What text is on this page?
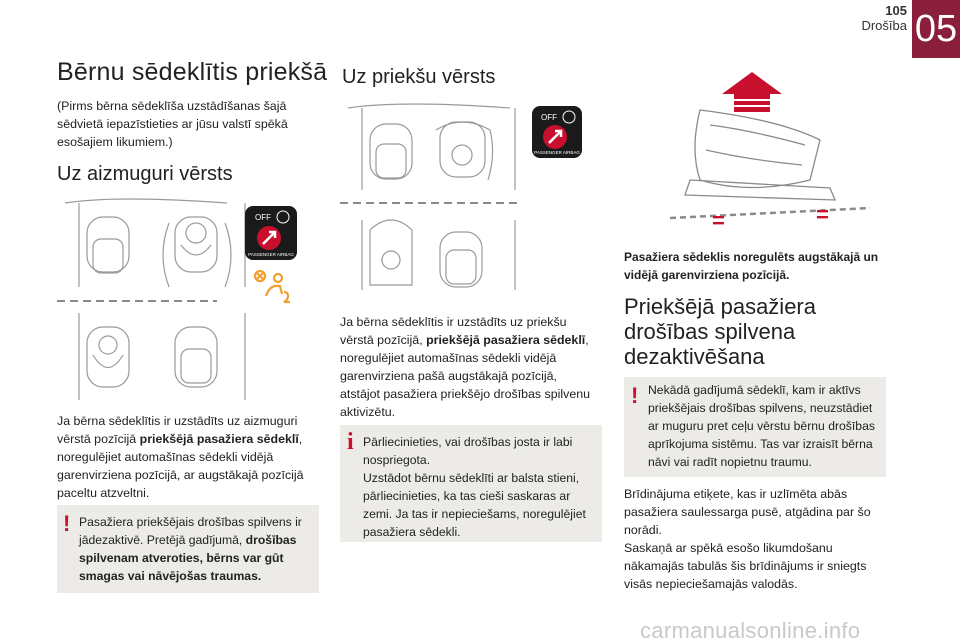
105
Drošība 05
Bērnu sēdeklītis priekšā
(Pirms bērna sēdeklīša uzstādīšanas šajā sēdvietā iepazīstieties ar jūsu valstī spēkā esošajiem likumiem.)
Uz aizmuguri vērsts
OFF
PASSENGER AIRBAG
Ja bērna sēdeklītis ir uzstādīts uz aizmuguri vērstā pozīcijā priekšējā pasažiera sēdeklī, noregulējiet automašīnas sēdekli vidējā garenvirziena pozīcijā, ar augstākajā pozīcijā paceltu atzveltni.
! Pasažiera priekšējais drošības spilvens ir jādezaktivē. Pretējā gadījumā, drošības spilvenam atveroties, bērns var gūt smagas vai nāvējošas traumas.
Uz priekšu vērsts
OFF
PASSENGER AIRBAG
Ja bērna sēdeklītis ir uzstādīts uz priekšu vērstā pozīcijā, priekšējā pasažiera sēdeklī, noregulējiet automašīnas sēdekli vidējā garenvirziena pašā augstākajā pozīcijā, atstājot pasažiera priekšējo drošības spilvenu aktivizētu.
i Pārliecinieties, vai drošības josta ir labi nospriegota.
Uzstādot bērnu sēdeklīti ar balsta stieni, pārliecinieties, ka tas cieši saskaras ar zemi. Ja tas ir nepieciešams, noregulējiet pasažiera sēdekli.
=	=
Pasažiera sēdeklis noregulēts augstākajā un vidējā garenvirziena pozīcijā.
Priekšējā pasažiera drošības spilvena dezaktivēšana
! Nekādā gadījumā sēdeklī, kam ir aktīvs priekšējais drošības spilvens, neuzstādiet ar muguru pret ceļu vērstu bērnu drošības aprīkojuma sistēmu. Tas var izraisīt bērna nāvi vai radīt nopietnu traumu.
Brīdinājuma etiķete, kas ir uzlīmēta abās pasažiera saulessarga pusē, atgādina par šo norādi.
Saskaņā ar spēkā esošo likumdošanu nākamajās tabulās šis brīdinājums ir sniegts visās nepieciešamajās valodās.
carmanualsonline.info
